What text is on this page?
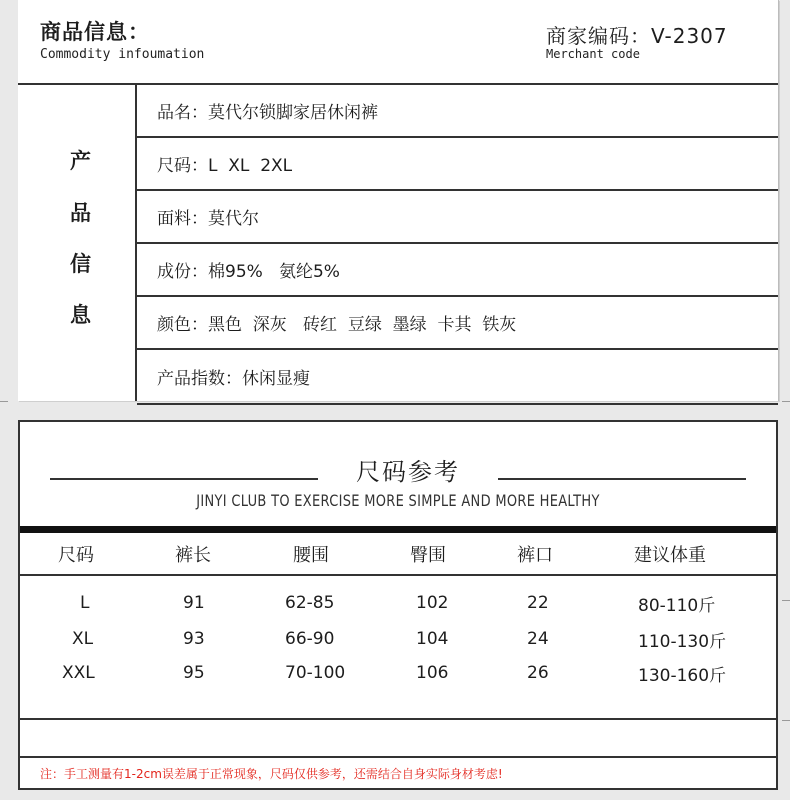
商品信息：
Commodity infoumation
商家编码：V-2307
Merchant code
产
品
信
息
品名：莫代尔锁脚家居休闲裤
尺码：L  XL  2XL
面料：莫代尔
成份：棉95%   氨纶5%
颜色：黑色  深灰   砖红  豆绿  墨绿  卡其  铁灰
产品指数：休闲显瘦
尺码参考
JINYI CLUB TO EXERCISE MORE SIMPLE AND MORE HEALTHY
尺码	裤长	腰围	臀围	裤口	建议体重
L	91	62-85	102	22	80-110斤
XL	93	66-90	104	24	110-130斤
XXL	95	70-100	106	26	130-160斤
注：手工测量有1-2cm误差属于正常现象，尺码仅供参考，还需结合自身实际身材考虑!
